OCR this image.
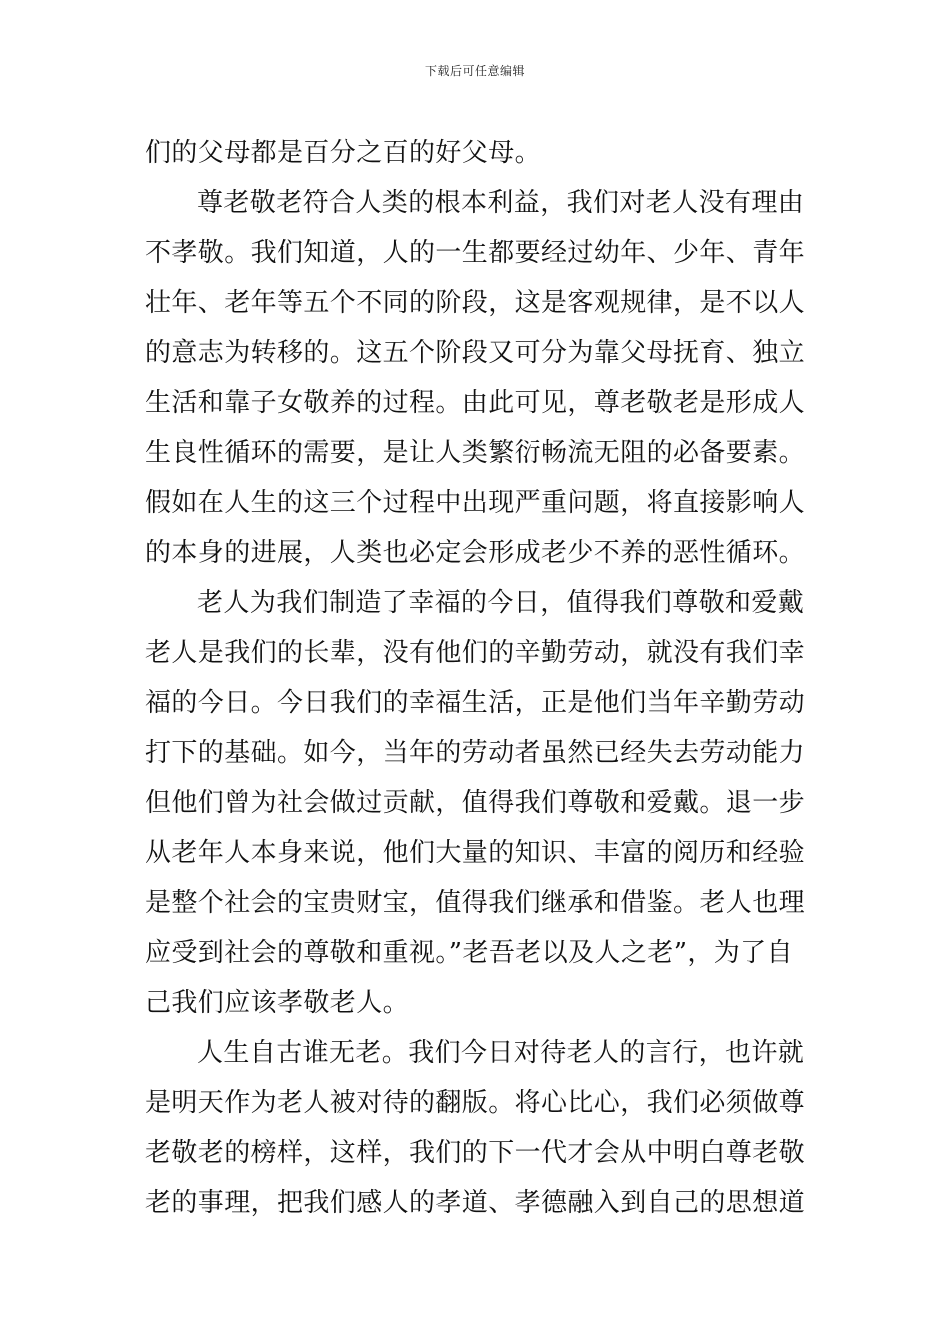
下载后可任意编辑
们的父母都是百分之百的好父母。
尊老敬老符合人类的根本利益，我们对老人没有理由
不孝敬。我们知道，人的一生都要经过幼年、少年、青年
壮年、老年等五个不同的阶段，这是客观规律，是不以人
的意志为转移的。这五个阶段又可分为靠父母抚育、独立
生活和靠子女敬养的过程。由此可见，尊老敬老是形成人
生良性循环的需要，是让人类繁衍畅流无阻的必备要素。
假如在人生的这三个过程中出现严重问题，将直接影响人
的本身的进展，人类也必定会形成老少不养的恶性循环。
老人为我们制造了幸福的今日，值得我们尊敬和爱戴
老人是我们的长辈，没有他们的辛勤劳动，就没有我们幸
福的今日。今日我们的幸福生活，正是他们当年辛勤劳动
打下的基础。如今，当年的劳动者虽然已经失去劳动能力
但他们曾为社会做过贡献，值得我们尊敬和爱戴。退一步
从老年人本身来说，他们大量的知识、丰富的阅历和经验
是整个社会的宝贵财宝，值得我们继承和借鉴。老人也理
应受到社会的尊敬和重视。”老吾老以及人之老”，为了自
己我们应该孝敬老人。
人生自古谁无老。我们今日对待老人的言行，也许就
是明天作为老人被对待的翻版。将心比心，我们必须做尊
老敬老的榜样，这样，我们的下一代才会从中明白尊老敬
老的事理，把我们感人的孝道、孝德融入到自己的思想道
